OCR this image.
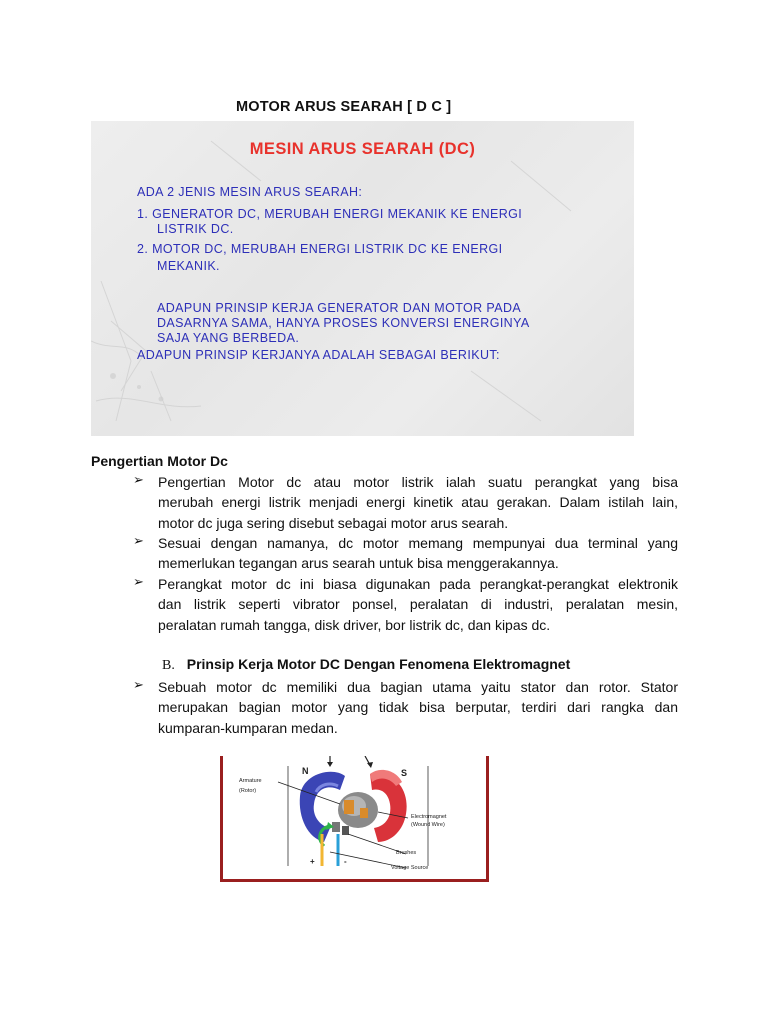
MOTOR ARUS SEARAH [ D C ]
MESIN ARUS SEARAH (DC)
ADA 2 JENIS MESIN ARUS SEARAH:
1. GENERATOR DC, MERUBAH ENERGI MEKANIK KE ENERGI
LISTRIK DC.
2. MOTOR DC, MERUBAH ENERGI LISTRIK DC KE ENERGI
MEKANIK.
ADAPUN PRINSIP KERJA GENERATOR DAN MOTOR PADA
DASARNYA SAMA, HANYA PROSES KONVERSI ENERGINYA
SAJA YANG BERBEDA.
ADAPUN PRINSIP KERJANYA ADALAH SEBAGAI BERIKUT:
Pengertian Motor Dc
➢ Pengertian Motor dc atau motor listrik ialah suatu perangkat yang bisa
merubah energi listrik menjadi energi kinetik atau gerakan. Dalam istilah lain,
motor dc juga sering disebut sebagai motor arus searah.
➢ Sesuai dengan namanya, dc motor memang mempunyai dua terminal yang
memerlukan tegangan arus searah untuk bisa menggerakannya.
➢ Perangkat motor dc ini biasa digunakan pada perangkat-perangkat elektronik
dan listrik seperti vibrator ponsel, peralatan di industri, peralatan mesin,
peralatan rumah tangga, disk driver, bor listrik dc, dan kipas dc.
B. Prinsip Kerja Motor DC Dengan Fenomena Elektromagnet
➢ Sebuah motor dc memiliki dua bagian utama yaitu stator dan rotor. Stator
merupakan bagian motor yang tidak bisa berputar, terdiri dari rangka dan
kumparan-kumparan medan.
N	S
Armature
(Rotor)
Electromagnet
(Wound Wire)
Brushes
Voltage Source
+	-
